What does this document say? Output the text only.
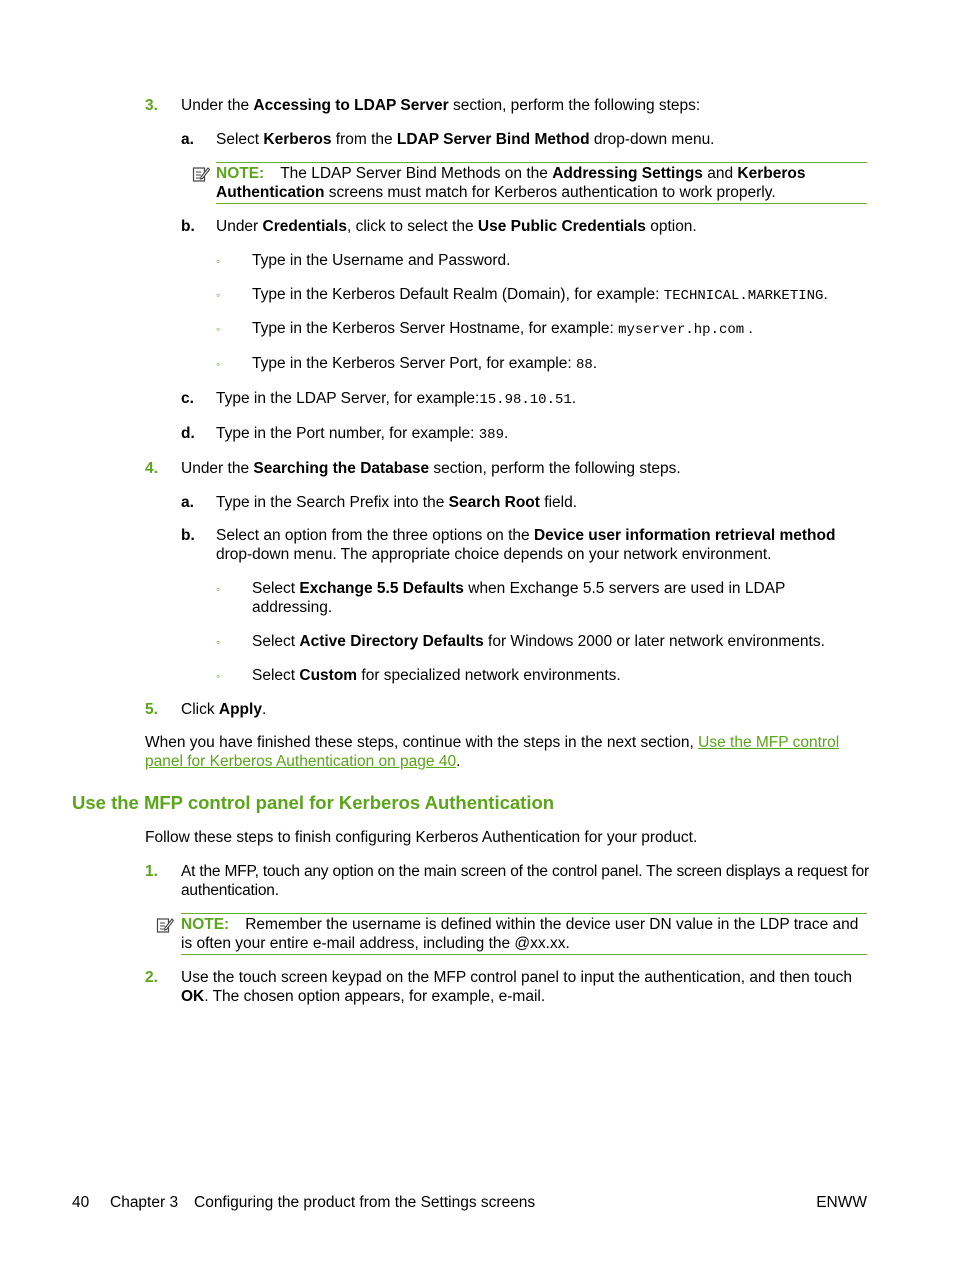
3. Under the Accessing to LDAP Server section, perform the following steps:
a. Select Kerberos from the LDAP Server Bind Method drop-down menu.
NOTE: The LDAP Server Bind Methods on the Addressing Settings and Kerberos Authentication screens must match for Kerberos authentication to work properly.
b. Under Credentials, click to select the Use Public Credentials option.
◦ Type in the Username and Password.
◦ Type in the Kerberos Default Realm (Domain), for example: TECHNICAL.MARKETING.
◦ Type in the Kerberos Server Hostname, for example: myserver.hp.com .
◦ Type in the Kerberos Server Port, for example: 88.
c. Type in the LDAP Server, for example:15.98.10.51.
d. Type in the Port number, for example: 389.
4. Under the Searching the Database section, perform the following steps.
a. Type in the Search Prefix into the Search Root field.
b. Select an option from the three options on the Device user information retrieval method drop-down menu. The appropriate choice depends on your network environment.
◦ Select Exchange 5.5 Defaults when Exchange 5.5 servers are used in LDAP addressing.
◦ Select Active Directory Defaults for Windows 2000 or later network environments.
◦ Select Custom for specialized network environments.
5. Click Apply.
When you have finished these steps, continue with the steps in the next section, Use the MFP control panel for Kerberos Authentication on page 40.
Use the MFP control panel for Kerberos Authentication
Follow these steps to finish configuring Kerberos Authentication for your product.
1. At the MFP, touch any option on the main screen of the control panel. The screen displays a request for authentication.
NOTE: Remember the username is defined within the device user DN value in the LDP trace and is often your entire e-mail address, including the @xx.xx.
2. Use the touch screen keypad on the MFP control panel to input the authentication, and then touch OK. The chosen option appears, for example, e-mail.
40 Chapter 3 Configuring the product from the Settings screens	ENWW
